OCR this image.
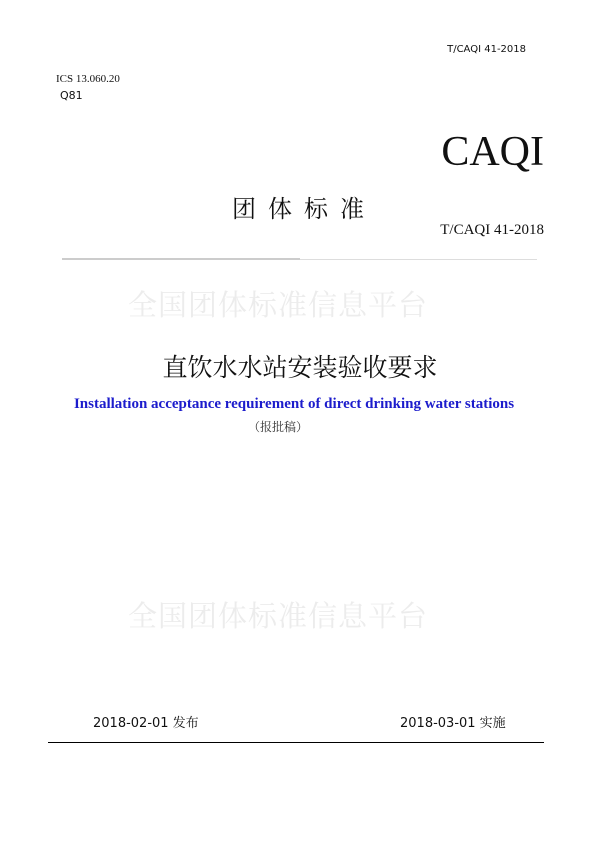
全国团体标准信息平台
全国团体标准信息平台
T/CAQI 41-2018
ICS 13.060.20
Q81
CAQI
团体标准
T/CAQI 41-2018
直饮水水站安装验收要求
Installation acceptance requirement of direct drinking water stations
（报批稿）
2018-02-01 发布	2018-03-01 实施
